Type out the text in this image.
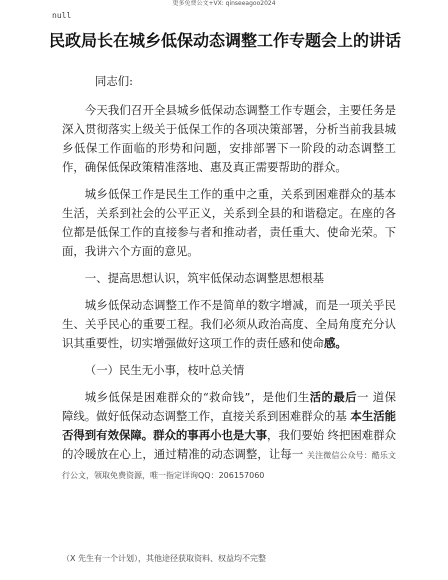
更多免费公文+VX: qinseeagoo2024
null
民政局长在城乡低保动态调整工作专题会上的讲话

同志们:

今天我们召开全县城乡低保动态调整工作专题会，主要任务是深入贯彻落实上级关于低保工作的各项决策部署，分析当前我县城乡低保工作面临的形势和问题，安排部署下一阶段的动态调整工作，确保低保政策精准落地、惠及真正需要帮助的群众。

城乡低保工作是民生工作的重中之重，关系到困难群众的基本生活，关系到社会的公平正义，关系到全县的和谐稳定。在座的各位都是低保工作的直接参与者和推动者，责任重大、使命光荣。下面，我讲六个方面的意见。

一、提高思想认识，筑牢低保动态调整思想根基

城乡低保动态调整工作不是简单的数字增减，而是一项关乎民生、关乎民心的重要工程。我们必须从政治高度、全局角度充分认识其重要性，切实增强做好这项工作的责任感和使命感。

（一）民生无小事，枝叶总关情

城乡低保是困难群众的“救命钱”，是他们生活的最后一 道保障线。做好低保动态调整工作，直接关系到困难群众的基 本生活能否得到有效保障。群众的事再小也是大事，我们要始 终把困难群众的冷暖放在心上，通过精准的动态调整，让每一 关注微信公众号：酷乐文行公文，领取免费资源，唯一指定详询QQ：206157060

（X 先生有一个计划），其他途径获取资料、权益均不完整
